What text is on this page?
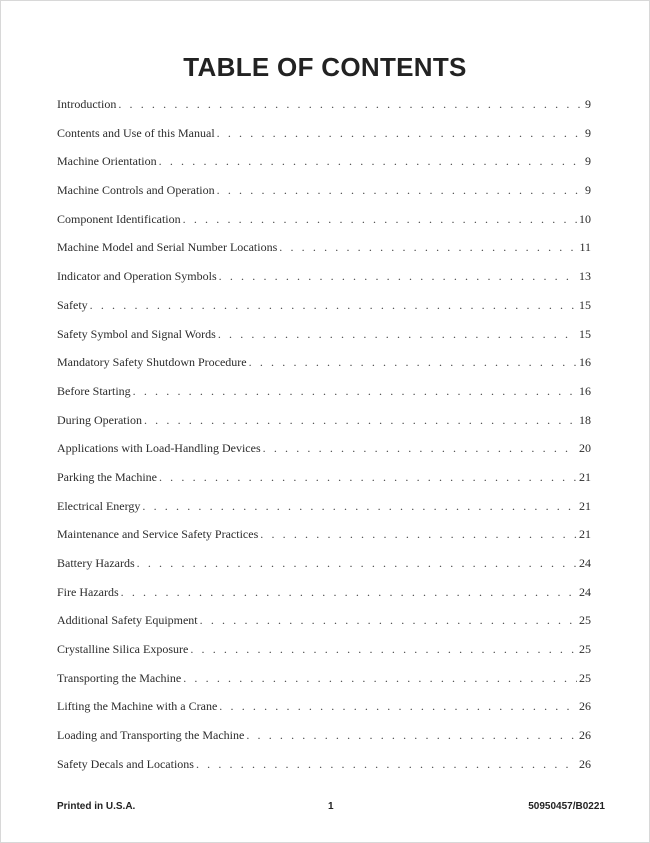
TABLE OF CONTENTS
Introduction . . .	9
Contents and Use of this Manual . . .	9
Machine Orientation . . .	9
Machine Controls and Operation . . .	9
Component Identification . . .	10
Machine Model and Serial Number Locations . . .	11
Indicator and Operation Symbols . . .	13
Safety . . .	15
Safety Symbol and Signal Words . . .	15
Mandatory Safety Shutdown Procedure . . .	16
Before Starting . . .	16
During Operation . . .	18
Applications with Load-Handling Devices . . .	20
Parking the Machine . . .	21
Electrical Energy . . .	21
Maintenance and Service Safety Practices . . .	21
Battery Hazards . . .	24
Fire Hazards . . .	24
Additional Safety Equipment . . .	25
Crystalline Silica Exposure . . .	25
Transporting the Machine . . .	25
Lifting the Machine with a Crane . . .	26
Loading and Transporting the Machine . . .	26
Safety Decals and Locations . . .	26
Printed in U.S.A.	1	50950457/B0221
